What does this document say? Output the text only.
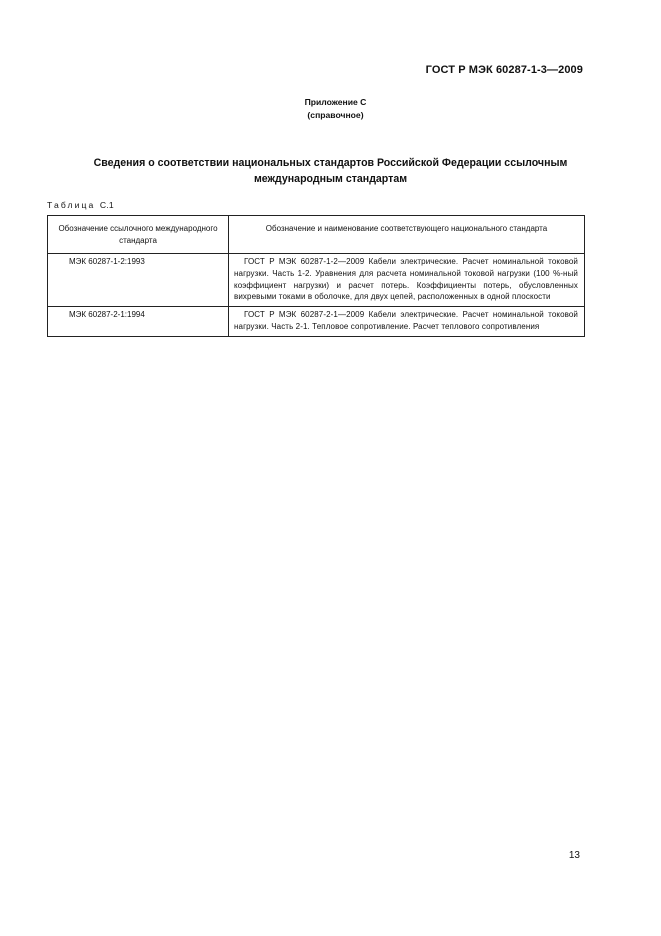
ГОСТ Р МЭК 60287-1-3—2009
Приложение С
(справочное)
Сведения о соответствии национальных стандартов Российской Федерации ссылочным
международным стандартам
Таблица С.1
Обозначение ссылочного международного стандарта	Обозначение и наименование соответствующего национального стандарта
МЭК 60287-1-2:1993	ГОСТ Р МЭК 60287-1-2—2009 Кабели электрические. Расчет номинальной токовой нагрузки. Часть 1-2. Уравнения для расчета номинальной токовой нагрузки (100 %-ный коэффициент нагрузки) и расчет потерь. Коэффициенты потерь, обусловленных вихревыми токами в оболочке, для двух цепей, расположенных в одной плоскости
МЭК 60287-2-1:1994	ГОСТ Р МЭК 60287-2-1—2009 Кабели электрические. Расчет номинальной токовой нагрузки. Часть 2-1. Тепловое сопротивление. Расчет теплового сопротивления
13
